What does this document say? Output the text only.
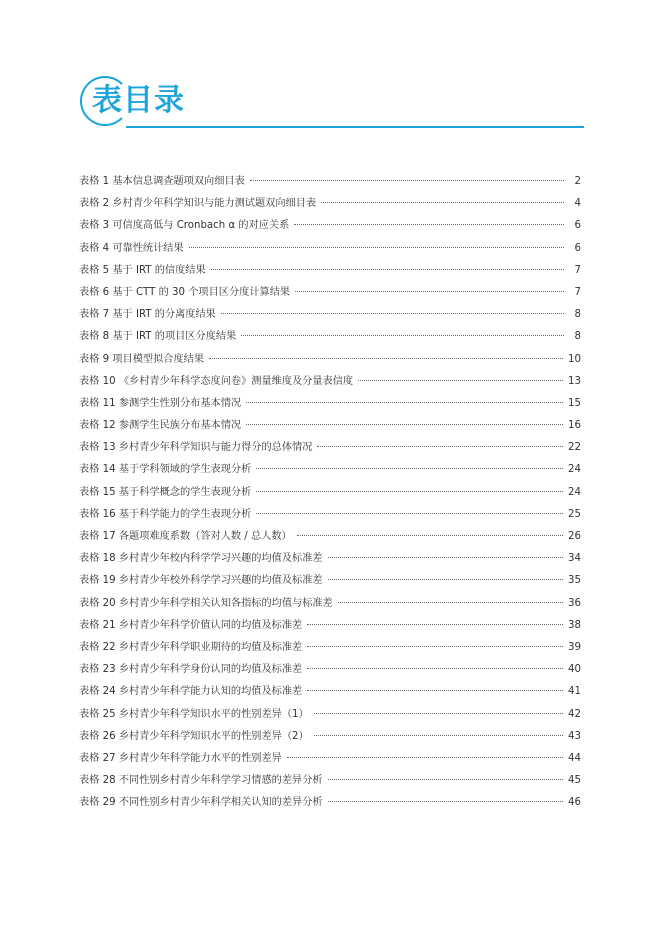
表目录
表格 1 基本信息调查题项双向细目表	2
表格 2 乡村青少年科学知识与能力测试题双向细目表	4
表格 3 可信度高低与 Cronbach α 的对应关系	6
表格 4 可靠性统计结果	6
表格 5 基于 IRT 的信度结果	7
表格 6 基于 CTT 的 30 个项目区分度计算结果	7
表格 7 基于 IRT 的分离度结果	8
表格 8 基于 IRT 的项目区分度结果	8
表格 9 项目模型拟合度结果	10
表格 10 《乡村青少年科学态度问卷》测量维度及分量表信度	13
表格 11 参测学生性别分布基本情况	15
表格 12 参测学生民族分布基本情况	16
表格 13 乡村青少年科学知识与能力得分的总体情况	22
表格 14 基于学科领域的学生表现分析	24
表格 15 基于科学概念的学生表现分析	24
表格 16 基于科学能力的学生表现分析	25
表格 17 各题项难度系数（答对人数 / 总人数）	26
表格 18 乡村青少年校内科学学习兴趣的均值及标准差	34
表格 19 乡村青少年校外科学学习兴趣的均值及标准差	35
表格 20 乡村青少年科学相关认知各指标的均值与标准差	36
表格 21 乡村青少年科学价值认同的均值及标准差	38
表格 22 乡村青少年科学职业期待的均值及标准差	39
表格 23 乡村青少年科学身份认同的均值及标准差	40
表格 24 乡村青少年科学能力认知的均值及标准差	41
表格 25 乡村青少年科学知识水平的性别差异（1）	42
表格 26 乡村青少年科学知识水平的性别差异（2）	43
表格 27 乡村青少年科学能力水平的性别差异	44
表格 28 不同性别乡村青少年科学学习情感的差异分析	45
表格 29 不同性别乡村青少年科学相关认知的差异分析	46
